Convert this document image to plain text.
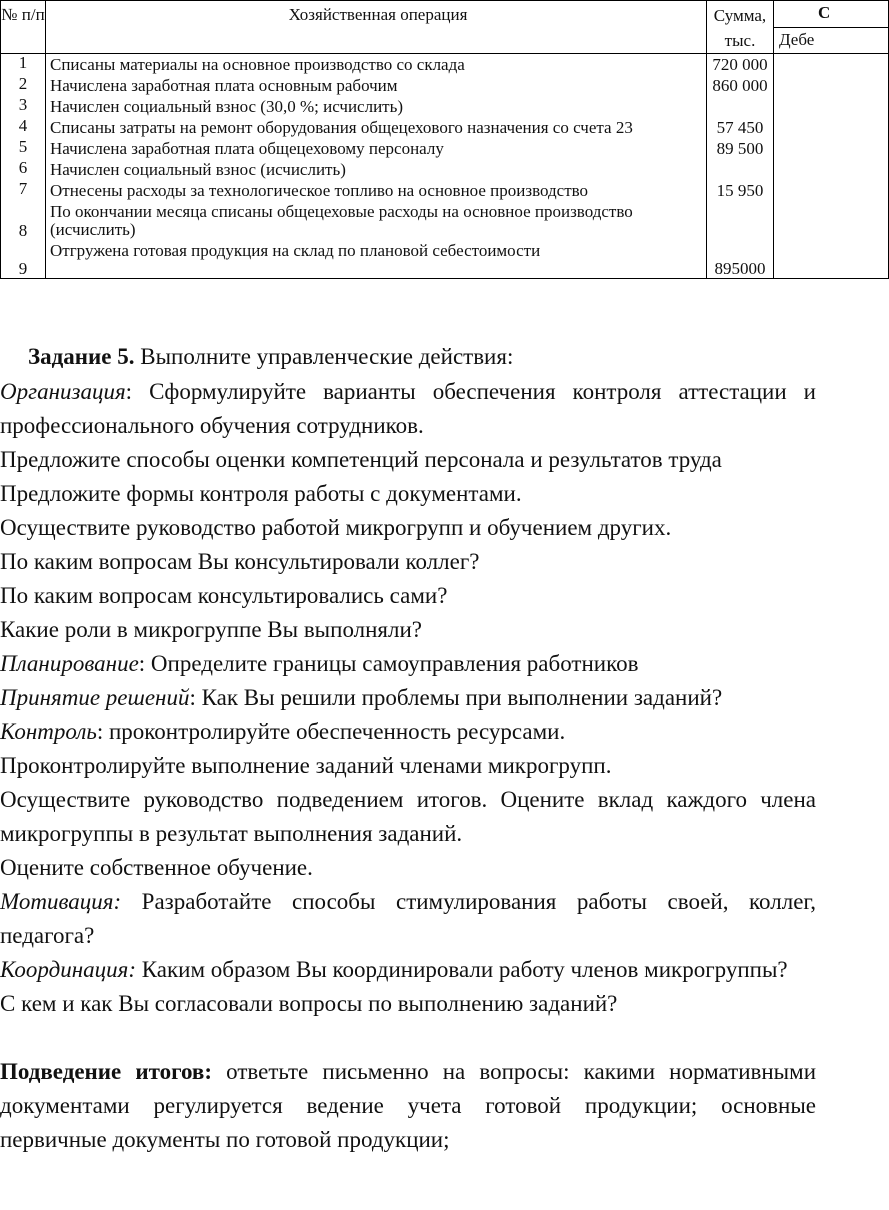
№ п/п	Хозяйственная операция	Сумма, тыс.	С
			Дебе
1	Списаны материалы на основное производство со склада	720 000	
2	Начислена заработная плата основным рабочим	860 000	
3	Начислен социальный взнос (30,0 %; исчислить)		
4	Списаны затраты на ремонт оборудования общецехового назначения со счета 23	57 450	
5	Начислена заработная плата общецеховому персоналу	89 500	
6	Начислен социальный взнос (исчислить)		
7	Отнесены расходы за технологическое топливо на основное производство	15 950	
8	По окончании месяца списаны общецеховые расходы на основное производство (исчислить)		
9	Отгружена готовая продукция на склад по плановой себестоимости	895000	

Задание 5. Выполните управленческие действия:

Организация: Сформулируйте варианты обеспечения контроля аттестации и профессионального обучения сотрудников.

Предложите способы оценки компетенций персонала и результатов труда

Предложите формы контроля работы с документами.

Осуществите руководство работой микрогрупп и обучением других.

По каким вопросам Вы консультировали коллег?

По каким вопросам консультировались сами?

Какие роли в микрогруппе Вы выполняли?

Планирование: Определите границы самоуправления работников

Принятие решений: Как Вы решили проблемы при выполнении заданий?

Контроль: проконтролируйте обеспеченность ресурсами.

Проконтролируйте выполнение заданий членами микрогрупп.

Осуществите руководство подведением итогов. Оцените вклад каждого члена микрогруппы в результат выполнения заданий.

Оцените собственное обучение.

Мотивация: Разработайте способы стимулирования работы своей, коллег, педагога?

Координация: Каким образом Вы координировали работу членов микрогруппы?

С кем и как Вы согласовали вопросы по выполнению заданий?

Подведение итогов: ответьте письменно на вопросы: какими нормативными документами регулируется ведение учета готовой продукции; основные первичные документы по готовой продукции;
